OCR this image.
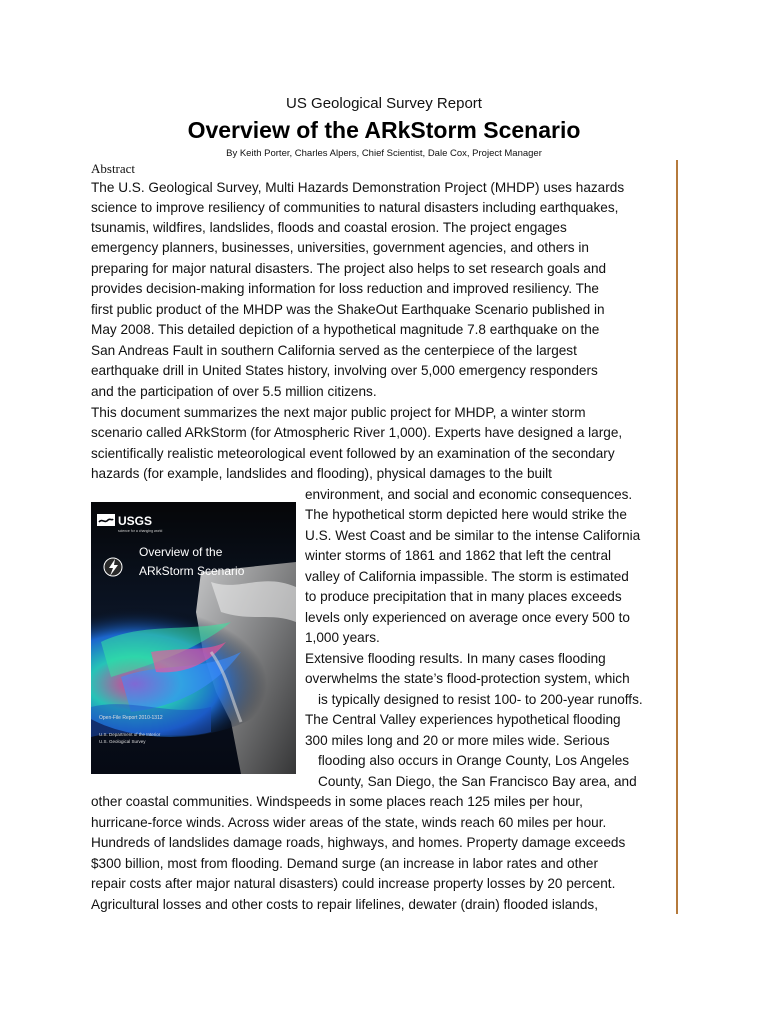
US Geological Survey Report
Overview of the ARkStorm Scenario
By Keith Porter, Charles Alpers, Chief Scientist, Dale Cox, Project Manager
Abstract
The U.S. Geological Survey, Multi Hazards Demonstration Project (MHDP) uses hazards
science to improve resiliency of communities to natural disasters including earthquakes,
tsunamis, wildfires, landslides, floods and coastal erosion. The project engages
emergency planners, businesses, universities, government agencies, and others in
preparing for major natural disasters. The project also helps to set research goals and
provides decision-making information for loss reduction and improved resiliency. The
first public product of the MHDP was the ShakeOut Earthquake Scenario published in
May 2008. This detailed depiction of a hypothetical magnitude 7.8 earthquake on the
San Andreas Fault in southern California served as the centerpiece of the largest
earthquake drill in United States history, involving over 5,000 emergency responders
and the participation of over 5.5 million citizens.
This document summarizes the next major public project for MHDP, a winter storm
scenario called ARkStorm (for Atmospheric River 1,000). Experts have designed a large,
scientifically realistic meteorological event followed by an examination of the secondary
hazards (for example, landslides and flooding), physical damages to the built
environment, and social and economic consequences.
The hypothetical storm depicted here would strike the
U.S. West Coast and be similar to the intense California
winter storms of 1861 and 1862 that left the central
valley of California impassible. The storm is estimated
to produce precipitation that in many places exceeds
levels only experienced on average once every 500 to
1,000 years.
Extensive flooding results. In many cases flooding
overwhelms the state’s flood-protection system, which
is typically designed to resist 100- to 200-year runoffs.
The Central Valley experiences hypothetical flooding
300 miles long and 20 or more miles wide. Serious
flooding also occurs in Orange County, Los Angeles
County, San Diego, the San Francisco Bay area, and
other coastal communities. Windspeeds in some places reach 125 miles per hour,
hurricane-force winds. Across wider areas of the state, winds reach 60 miles per hour.
Hundreds of landslides damage roads, highways, and homes. Property damage exceeds
$300 billion, most from flooding. Demand surge (an increase in labor rates and other
repair costs after major natural disasters) could increase property losses by 20 percent.
Agricultural losses and other costs to repair lifelines, dewater (drain) flooded islands,
USGS
science for a changing world
Overview of the
ARkStorm Scenario
Open-File Report 2010-1312
U.S. Department of the Interior
U.S. Geological Survey
